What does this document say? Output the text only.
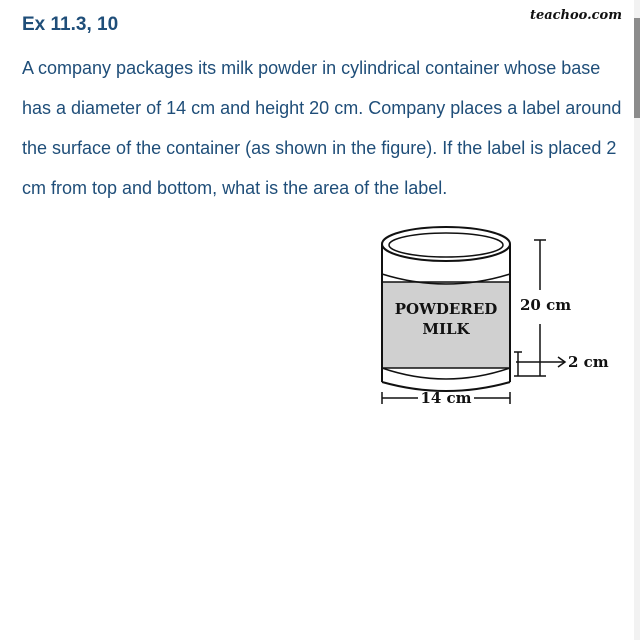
Ex 11.3, 10	teachoo.com

A company packages its milk powder in cylindrical container whose base has a diameter of 14 cm and height 20 cm. Company places a label around the surface of the container (as shown in the figure). If the label is placed 2 cm from top and bottom, what is the area of the label.

POWDERED
MILK
20 cm
2 cm
14 cm
